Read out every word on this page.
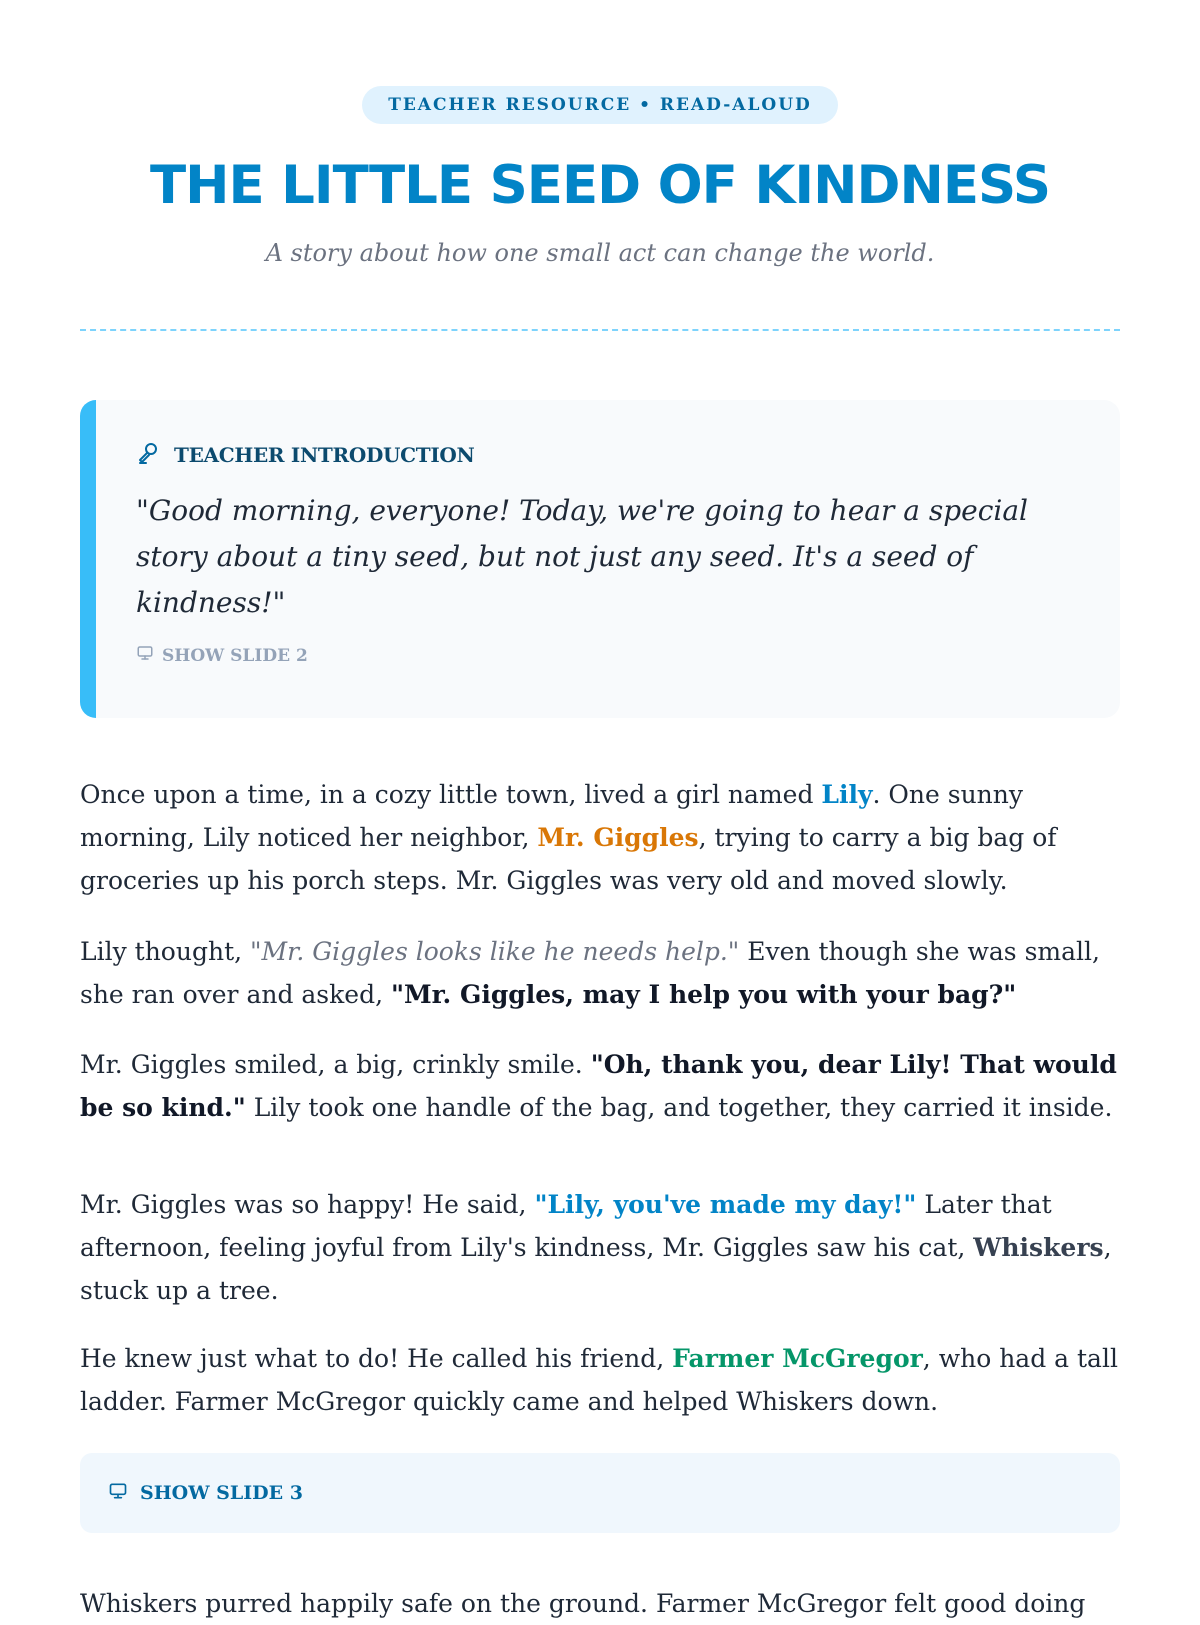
TEACHER RESOURCE • READ-ALOUD
THE LITTLE SEED OF KINDNESS

A story about how one small act can change the world.

TEACHER INTRODUCTION

"Good morning, everyone! Today, we're going to hear a special story about a tiny seed, but not just any seed. It's a seed of kindness!"

SHOW SLIDE 2

Once upon a time, in a cozy little town, lived a girl named Lily. One sunny morning, Lily noticed her neighbor, Mr. Giggles, trying to carry a big bag of groceries up his porch steps. Mr. Giggles was very old and moved slowly.

Lily thought, "Mr. Giggles looks like he needs help." Even though she was small, she ran over and asked, "Mr. Giggles, may I help you with your bag?"

Mr. Giggles smiled, a big, crinkly smile. "Oh, thank you, dear Lily! That would be so kind." Lily took one handle of the bag, and together, they carried it inside.

Mr. Giggles was so happy! He said, "Lily, you've made my day!" Later that afternoon, feeling joyful from Lily's kindness, Mr. Giggles saw his cat, Whiskers, stuck up a tree.

He knew just what to do! He called his friend, Farmer McGregor, who had a tall ladder. Farmer McGregor quickly came and helped Whiskers down.

SHOW SLIDE 3

Whiskers purred happily safe on the ground. Farmer McGregor felt good doing
